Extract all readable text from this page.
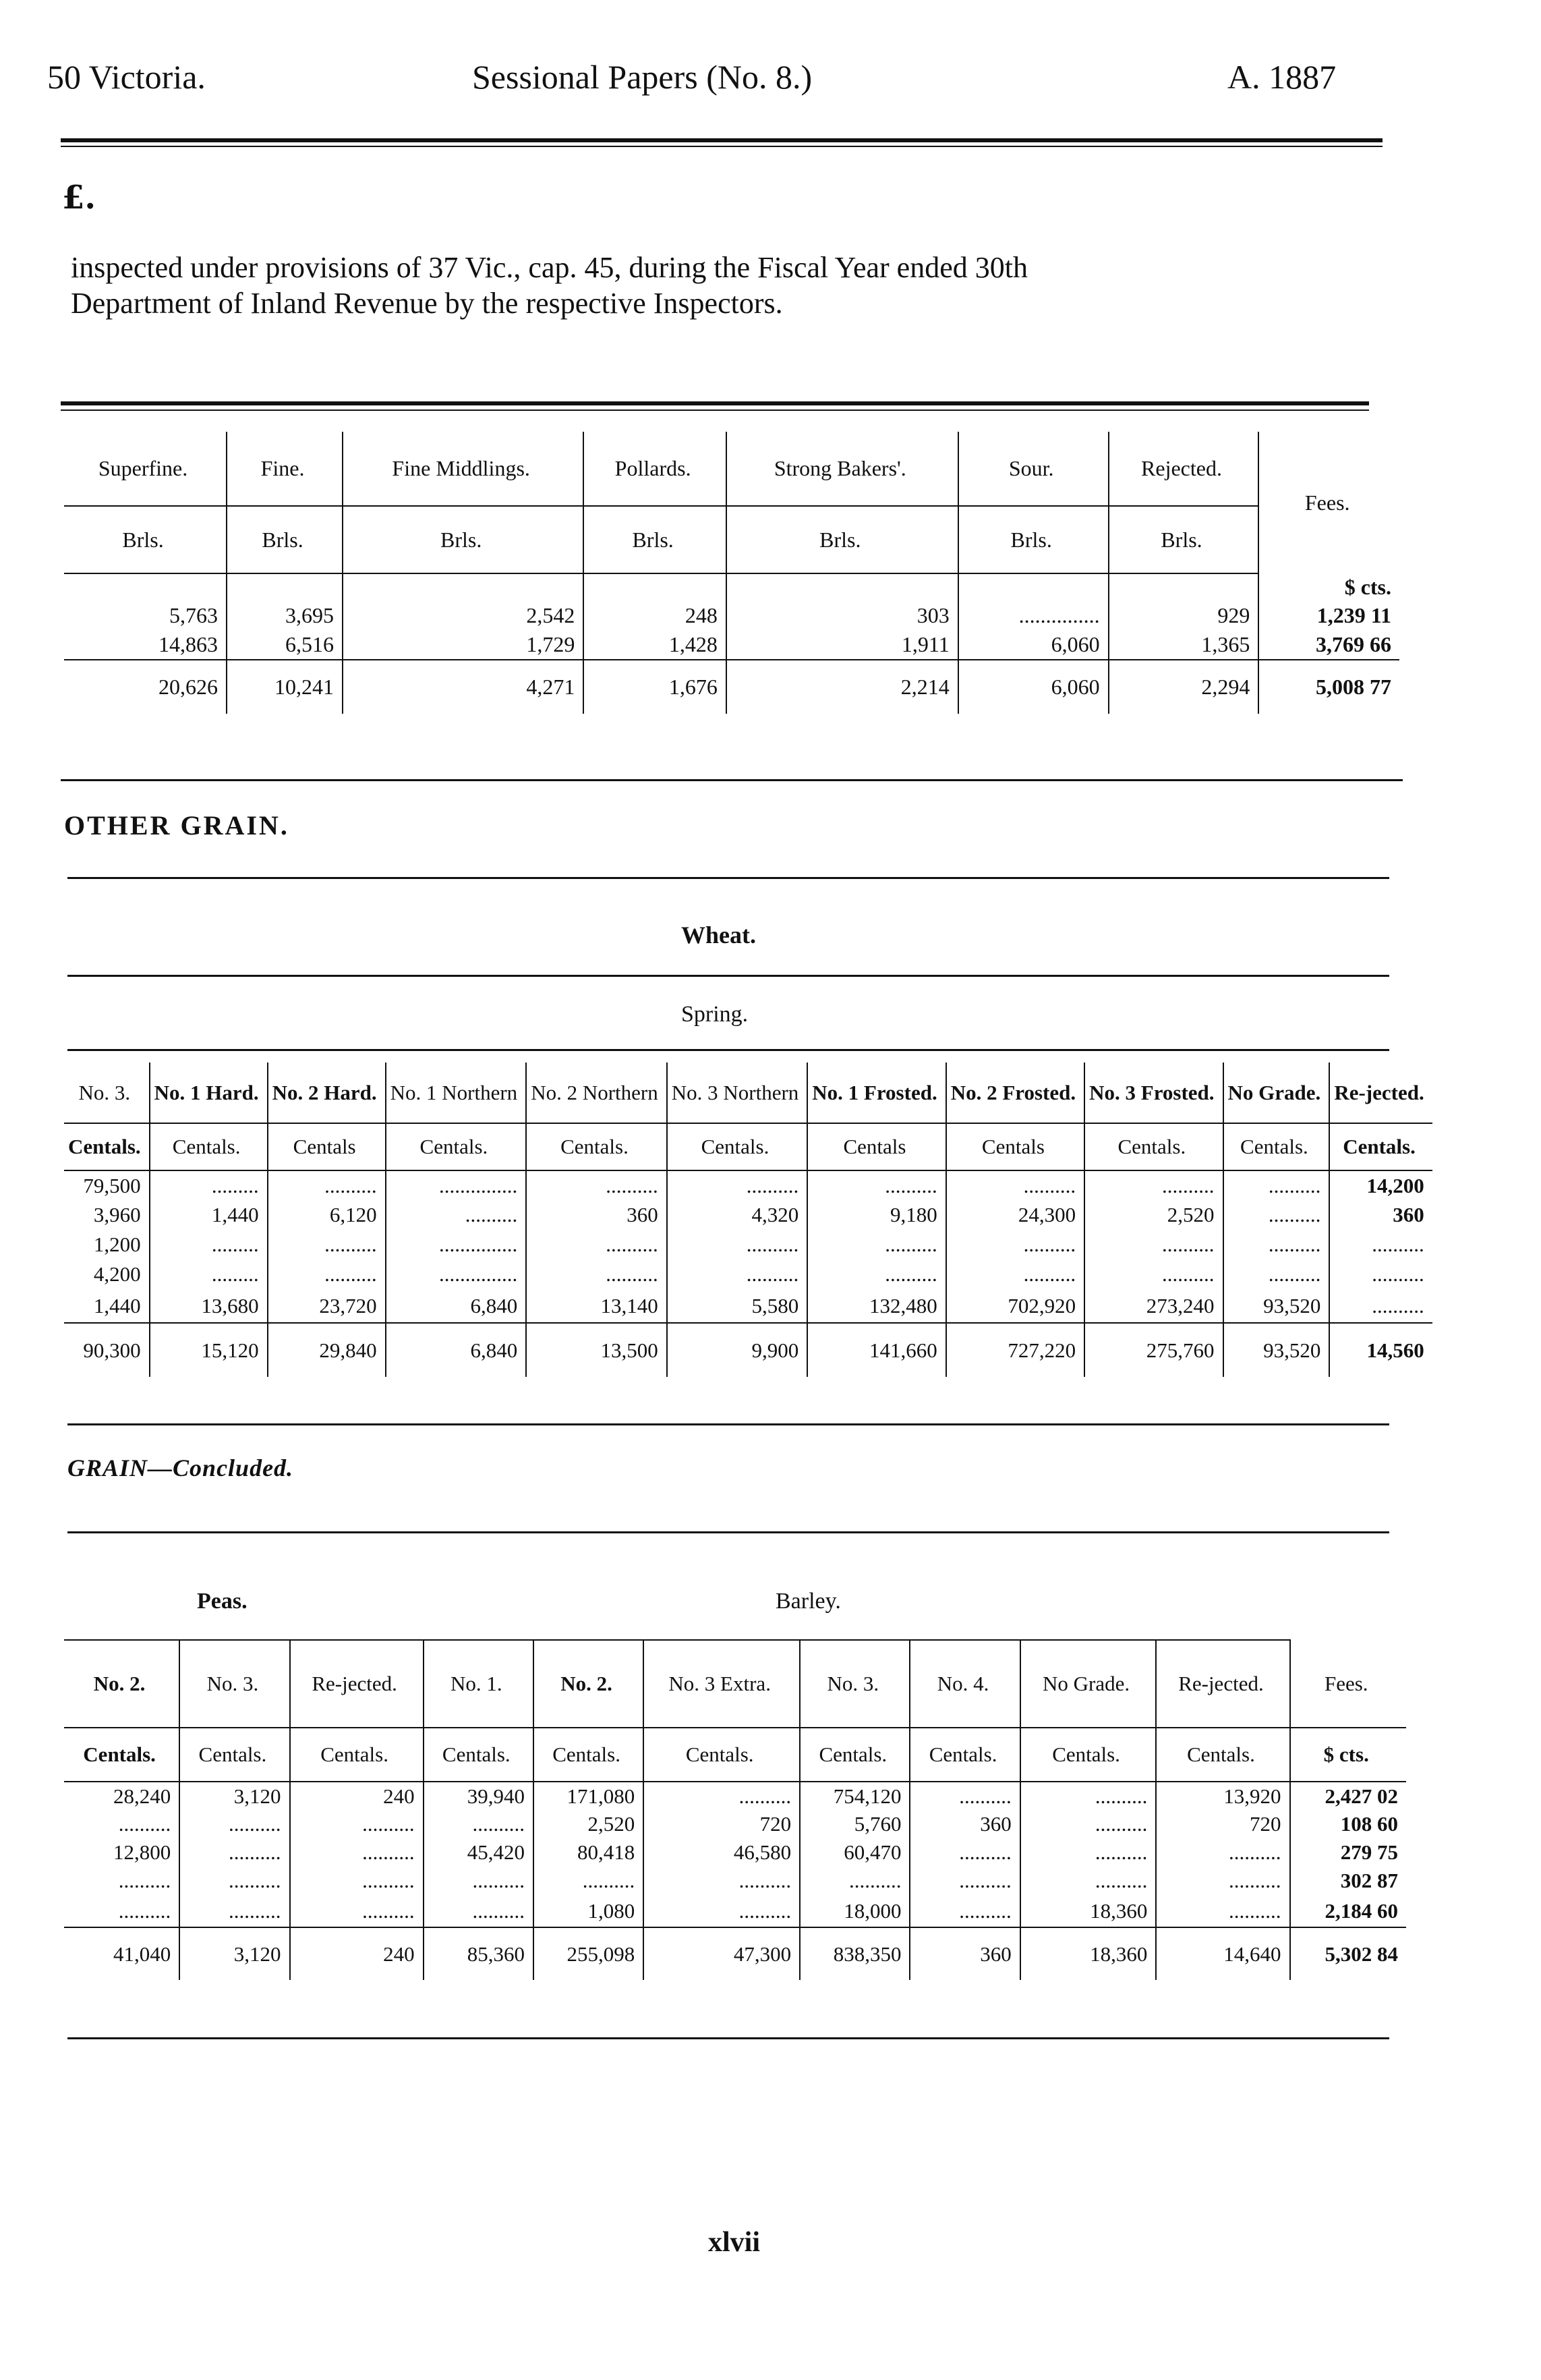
50 Victoria.	Sessional Papers (No. 8.)	A. 1887
£.
inspected under provisions of 37 Vic., cap. 45, during the Fiscal Year ended 30th
Department of Inland Revenue by the respective Inspectors.
Superfine.	Fine.	Fine Middlings.	Pollards.	Strong Bakers'.	Sour.	Rejected.	Fees.
Brls.	Brls.	Brls.	Brls.	Brls.	Brls.	Brls.	
							$ cts.
5,763	3,695	2,542	248	303	...............	929	1,239 11
14,863	6,516	1,729	1,428	1,911	6,060	1,365	3,769 66
20,626	10,241	4,271	1,676	2,214	6,060	2,294	5,008 77
OTHER GRAIN.
Wheat.
Spring.
No. 3.	No. 1 Hard.	No. 2 Hard.	No. 1 Northern	No. 2 Northern	No. 3 Northern	No. 1 Frosted.	No. 2 Frosted.	No. 3 Frosted.	No Grade.	Re-jected.
Centals.	Centals.	Centals	Centals.	Centals.	Centals.	Centals	Centals	Centals.	Centals.	Centals.
79,500	.........	..........	...............	..........	..........	..........	..........	..........	..........	14,200
3,960	1,440	6,120	..........	360	4,320	9,180	24,300	2,520	..........	360
1,200	.........	..........	...............	..........	..........	..........	..........	..........	..........	..........
4,200	.........	..........	...............	..........	..........	..........	..........	..........	..........	..........
1,440	13,680	23,720	6,840	13,140	5,580	132,480	702,920	273,240	93,520	..........
90,300	15,120	29,840	6,840	13,500	9,900	141,660	727,220	275,760	93,520	14,560
GRAIN—Concluded.
Peas.	Barley.
No. 2.	No. 3.	Re-jected.	No. 1.	No. 2.	No. 3 Extra.	No. 3.	No. 4.	No Grade.	Re-jected.	Fees.
Centals.	Centals.	Centals.	Centals.	Centals.	Centals.	Centals.	Centals.	Centals.	Centals.	$ cts.
28,240	3,120	240	39,940	171,080	..........	754,120	..........	..........	13,920	2,427 02
..........	..........	..........	..........	2,520	720	5,760	360	..........	720	108 60
12,800	..........	..........	45,420	80,418	46,580	60,470	..........	..........	..........	279 75
..........	..........	..........	..........	..........	..........	..........	..........	..........	..........	302 87
..........	..........	..........	..........	1,080	..........	18,000	..........	18,360	..........	2,184 60
41,040	3,120	240	85,360	255,098	47,300	838,350	360	18,360	14,640	5,302 84
xlvii
